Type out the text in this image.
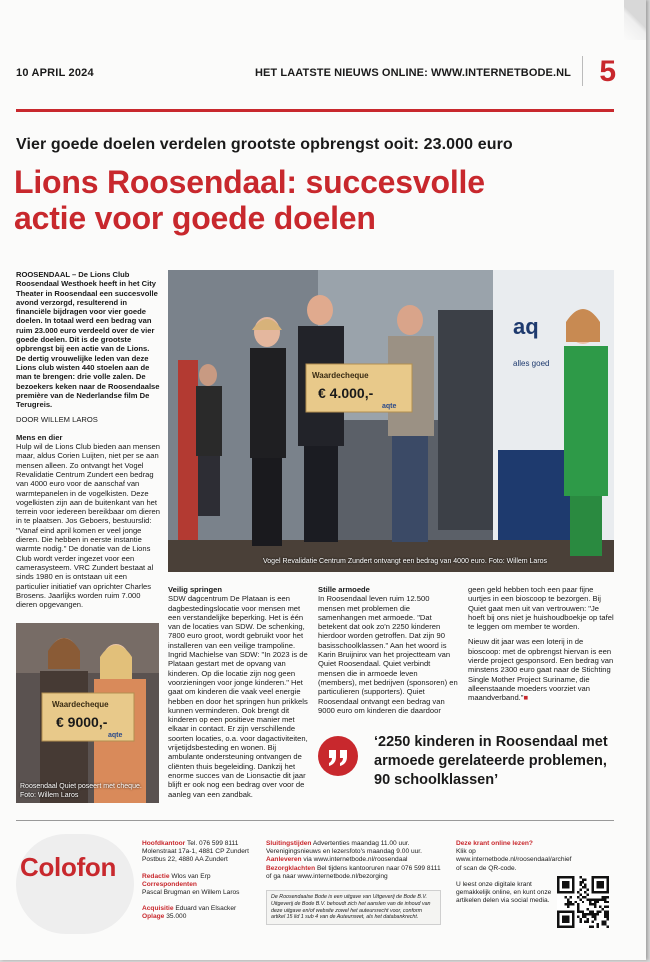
10 APRIL 2024	HET LAATSTE NIEUWS ONLINE: WWW.INTERNETBODE.NL 5
Vier goede doelen verdelen grootste opbrengst ooit: 23.000 euro
Lions Roosendaal: succesvolle
actie voor goede doelen

ROOSENDAAL – De Lions Club Roosendaal Westhoek heeft in het City Theater in Roosendaal een succesvolle avond verzorgd, resulterend in financiële bijdragen voor vier goede doelen. In totaal werd een bedrag van ruim 23.000 euro verdeeld over de vier goede doelen. Dit is de grootste opbrengst bij een actie van de Lions. De dertig vrouwelijke leden van deze Lions club wisten 440 stoelen aan de man te brengen: drie volle zalen. De bezoekers keken naar de Roosendaalse première van de Nederlandse film De Terugreis.

DOOR WILLEM LAROS
Mens en dier

Hulp wil de Lions Club bieden aan mensen maar, aldus Corien Luijten, niet per se aan mensen alleen. Zo ontvangt het Vogel Revalidatie Centrum Zundert een bedrag van 4000 euro voor de aanschaf van warmtepanelen in de vogelkisten. Deze vogelkisten zijn aan de buitenkant van het terrein voor iedereen bereikbaar om dieren in te plaatsen. Jos Geboers, bestuurslid: "Vanaf eind april komen er veel jonge dieren. Die hebben in eerste instantie warmte nodig." De donatie van de Lions Club wordt verder ingezet voor een camerasysteem. VRC Zundert bestaat al sinds 1980 en is ontstaan uit een particulier initiatief van oprichter Charles Brosens. Jaarlijks worden ruim 7.000 dieren opgevangen.

Waardecheque
€ 4.000,-
aqte
aq
alles goed
Vogel Revalidatie Centrum Zundert ontvangt een bedrag van 4000 euro. Foto: Willem Laros
Veilig springen

SDW dagcentrum De Plataan is een dagbestedingslocatie voor mensen met een verstandelijke beperking. Het is één van de locaties van SDW. De schenking, 7800 euro groot, wordt gebruikt voor het installeren van een veilige trampoline. Ingrid Machielse van SDW: "In 2023 is de Plataan gestart met de opvang van kinderen. Op die locatie zijn nog geen voorzieningen voor jonge kinderen." Het gaat om kinderen die vaak veel energie hebben en door het springen hun prikkels kunnen verminderen. Ook brengt dit kinderen op een positieve manier met elkaar in contact. Er zijn verschillende soorten locaties, o.a. voor dagactiviteiten, vrijetijdsbesteding en wonen. Bij ambulante ondersteuning ontvangen de cliënten thuis begeleiding. Dankzij het enorme succes van de Lionsactie dit jaar blijft er ook nog een bedrag over voor de aanleg van een zandbak.

Stille armoede

In Roosendaal leven ruim 12.500 mensen met problemen die samenhangen met armoede. "Dat betekent dat ook zo'n 2250 kinderen hierdoor worden getroffen. Dat zijn 90 basisschoolklassen." Aan het woord is Karin Bruijninx van het projectteam van Quiet Roosendaal. Quiet verbindt mensen die in armoede leven (members), met bedrijven (sponsoren) en particulieren (supporters). Quiet Roosendaal ontvangt een bedrag van 9000 euro om kinderen die daardoor

geen geld hebben toch een paar fijne uurtjes in een bioscoop te bezorgen. Bij Quiet gaat men uit van vertrouwen: "Je hoeft bij ons niet je huishoudboekje op tafel te leggen om member te worden.

Nieuw dit jaar was een loterij in de bioscoop: met de opbrengst hiervan is een vierde project gesponsord. Een bedrag van minstens 2300 euro gaat naar de Stichting Single Mother Project Suriname, die alleenstaande moeders voorziet van maandverband."■

Waardecheque
€ 9000,-
aqte
Roosendaal Quiet poseert met cheque. Foto: Willem Laros
‘2250 kinderen in Roosendaal met armoede gerelateerde problemen, 90 schoolklassen’
Colofon
Hoofdkantoor Tel. 076 599 8111
Molenstraat 17a-1, 4881 CP Zundert
Postbus 22, 4880 AA Zundert
Redactie Wlos van Erp
Correspondenten
Pascal Brugman en Willem Laros
Acquisitie Eduard van Elsacker
Oplage 35.000
Sluitingstijden Advertenties maandag 11.00 uur. Verenigingsnieuws en lezersfoto's maandag 9.00 uur.
Aanleveren via www.internetbode.nl/roosendaal
Bezorgklachten Bel tijdens kantooruren naar 076 599 8111 of ga naar www.internetbode.nl/bezorging
De Roosendaalse Bode is een uitgave van Uitgeverij de Bode B.V. Uitgeverij de Bode B.V. behoudt zich het aanslen van de inhoud van deze uitgave en/of website zowel het auteursrecht voor, conform artikel 15 lid 1 sub 4 van de Auteurswet, als het databankrecht.
Deze krant online lezen?
Klik op www.internetbode.nl/roosendaal/archief of scan de QR-code.
U leest onze digitale krant gemakkelijk online, en kunt onze artikelen delen via social media.
